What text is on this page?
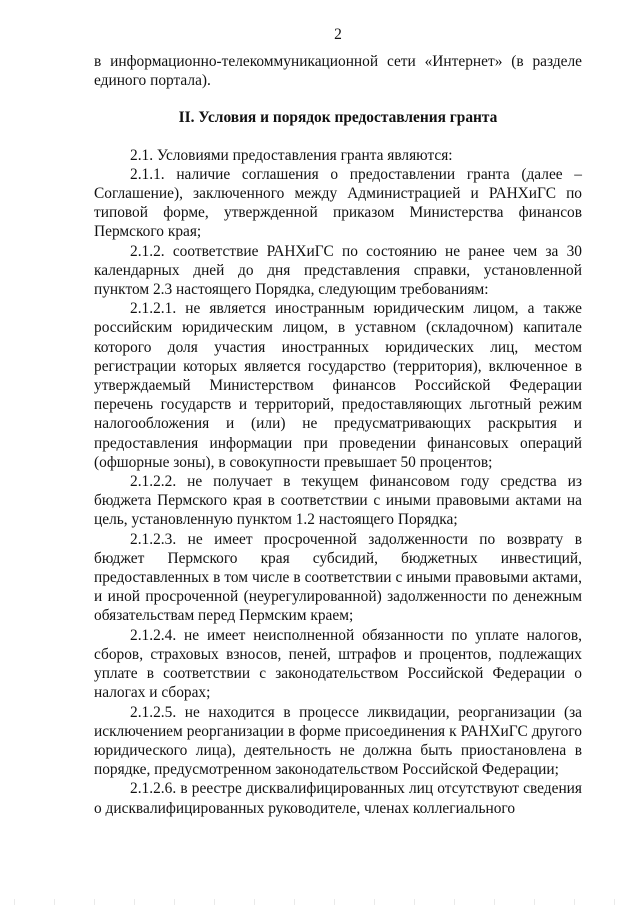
2

в информационно-телекоммуникационной сети «Интернет» (в разделе единого портала).

II. Условия и порядок предоставления гранта

2.1. Условиями предоставления гранта являются:

2.1.1. наличие соглашения о предоставлении гранта (далее – Соглашение), заключенного между Администрацией и РАНХиГС по типовой форме, утвержденной приказом Министерства финансов Пермского края;

2.1.2. соответствие РАНХиГС по состоянию не ранее чем за 30 календарных дней до дня представления справки, установленной пунктом 2.3 настоящего Порядка, следующим требованиям:

2.1.2.1. не является иностранным юридическим лицом, а также российским юридическим лицом, в уставном (складочном) капитале которого доля участия иностранных юридических лиц, местом регистрации которых является государство (территория), включенное в утверждаемый Министерством финансов Российской Федерации перечень государств и территорий, предоставляющих льготный режим налогообложения и (или) не предусматривающих раскрытия и предоставления информации при проведении финансовых операций (офшорные зоны), в совокупности превышает 50 процентов;

2.1.2.2. не получает в текущем финансовом году средства из бюджета Пермского края в соответствии с иными правовыми актами на цель, установленную пунктом 1.2 настоящего Порядка;

2.1.2.3. не имеет просроченной задолженности по возврату в бюджет Пермского края субсидий, бюджетных инвестиций, предоставленных в том числе в соответствии с иными правовыми актами, и иной просроченной (неурегулированной) задолженности по денежным обязательствам перед Пермским краем;

2.1.2.4. не имеет неисполненной обязанности по уплате налогов, сборов, страховых взносов, пеней, штрафов и процентов, подлежащих уплате в соответствии с законодательством Российской Федерации о налогах и сборах;

2.1.2.5. не находится в процессе ликвидации, реорганизации (за исключением реорганизации в форме присоединения к РАНХиГС другого юридического лица), деятельность не должна быть приостановлена в порядке, предусмотренном законодательством Российской Федерации;

2.1.2.6. в реестре дисквалифицированных лиц отсутствуют сведения о дисквалифицированных руководителе, членах коллегиального
